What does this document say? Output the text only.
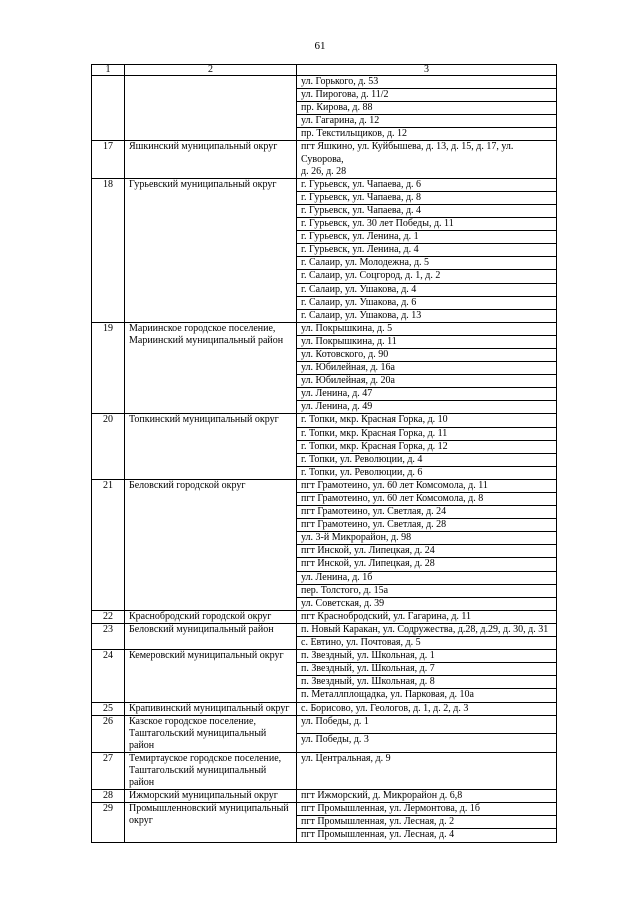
61
1	2	3

		ул. Горького, д. 53

		ул. Пирогова, д. 11/2

		пр. Кирова, д. 88

		ул. Гагарина, д. 12

		пр. Текстильщиков, д. 12

17	Яшкинский муниципальный округ	пгт Яшкино, ул. Куйбышева, д. 13, д. 15, д. 17, ул. Суворова,
д. 26, д. 28

18	Гурьевский муниципальный округ	г. Гурьевск, ул. Чапаева, д. 6

		г. Гурьевск, ул. Чапаева, д. 8

		г. Гурьевск, ул. Чапаева, д. 4

		г. Гурьевск, ул. 30 лет Победы, д. 11

		г. Гурьевск, ул. Ленина, д. 1

		г. Гурьевск, ул. Ленина, д. 4

		г. Салаир, ул. Молодежна, д. 5

		г. Салаир, ул. Соцгород, д. 1, д. 2

		г. Салаир, ул. Ушакова, д. 4

		г. Салаир, ул. Ушакова, д. 6

		г. Салаир, ул. Ушакова, д. 13

19	Мариинское городское поселение, Мариинский муниципальный район	ул. Покрышкина, д. 5

		ул. Покрышкина, д. 11

		ул. Котовского, д. 90

		ул. Юбилейная, д. 16а

		ул. Юбилейная, д. 20а

		ул. Ленина, д. 47

		ул. Ленина, д. 49

20	Топкинский муниципальный округ	г. Топки, мкр. Красная Горка, д. 10

		г. Топки, мкр. Красная Горка, д. 11

		г. Топки, мкр. Красная Горка, д. 12

		г. Топки, ул. Революции, д. 4

		г. Топки, ул. Революции, д. 6

21	Беловский городской округ	пгт Грамотеино, ул. 60 лет Комсомола, д. 11

		пгт Грамотеино, ул. 60 лет Комсомола, д. 8

		пгт Грамотеино, ул. Светлая, д. 24

		пгт Грамотеино, ул. Светлая, д. 28

		ул. 3-й Микрорайон, д. 98

		пгт Инской, ул. Липецкая, д. 24

		пгт Инской, ул. Липецкая, д. 28

		ул. Ленина, д. 1б

		пер. Толстого, д. 15а

		ул. Советская, д. 39

22	Краснобродский городской округ	пгт Краснобродский, ул. Гагарина, д. 11

23	Беловский муниципальный район	п. Новый Каракан, ул. Содружества, д.28, д.29, д. 30, д. 31

		с. Евтино, ул. Почтовая, д. 5

24	Кемеровский муниципальный округ	п. Звездный, ул. Школьная, д. 1

		п. Звездный, ул. Школьная, д. 7

		п. Звездный, ул. Школьная, д. 8

		п. Металлплощадка, ул. Парковая, д. 10а

25	Крапивинский муниципальный округ	с. Борисово, ул. Геологов, д. 1, д. 2, д. 3

26	Казское городское поселение, Таштагольский муниципальный район	ул. Победы, д. 1

		ул. Победы, д. 3

27	Темиртауское городское поселение, Таштагольский муниципальный район	ул. Центральная, д. 9

28	Ижморский муниципальный округ	пгт Ижморский, д. Микрорайон д. 6,8

29	Промышленновский муниципальный округ	пгт Промышленная, ул. Лермонтова, д. 1б

		пгт Промышленная, ул. Лесная, д. 2

		пгт Промышленная, ул. Лесная, д. 4
